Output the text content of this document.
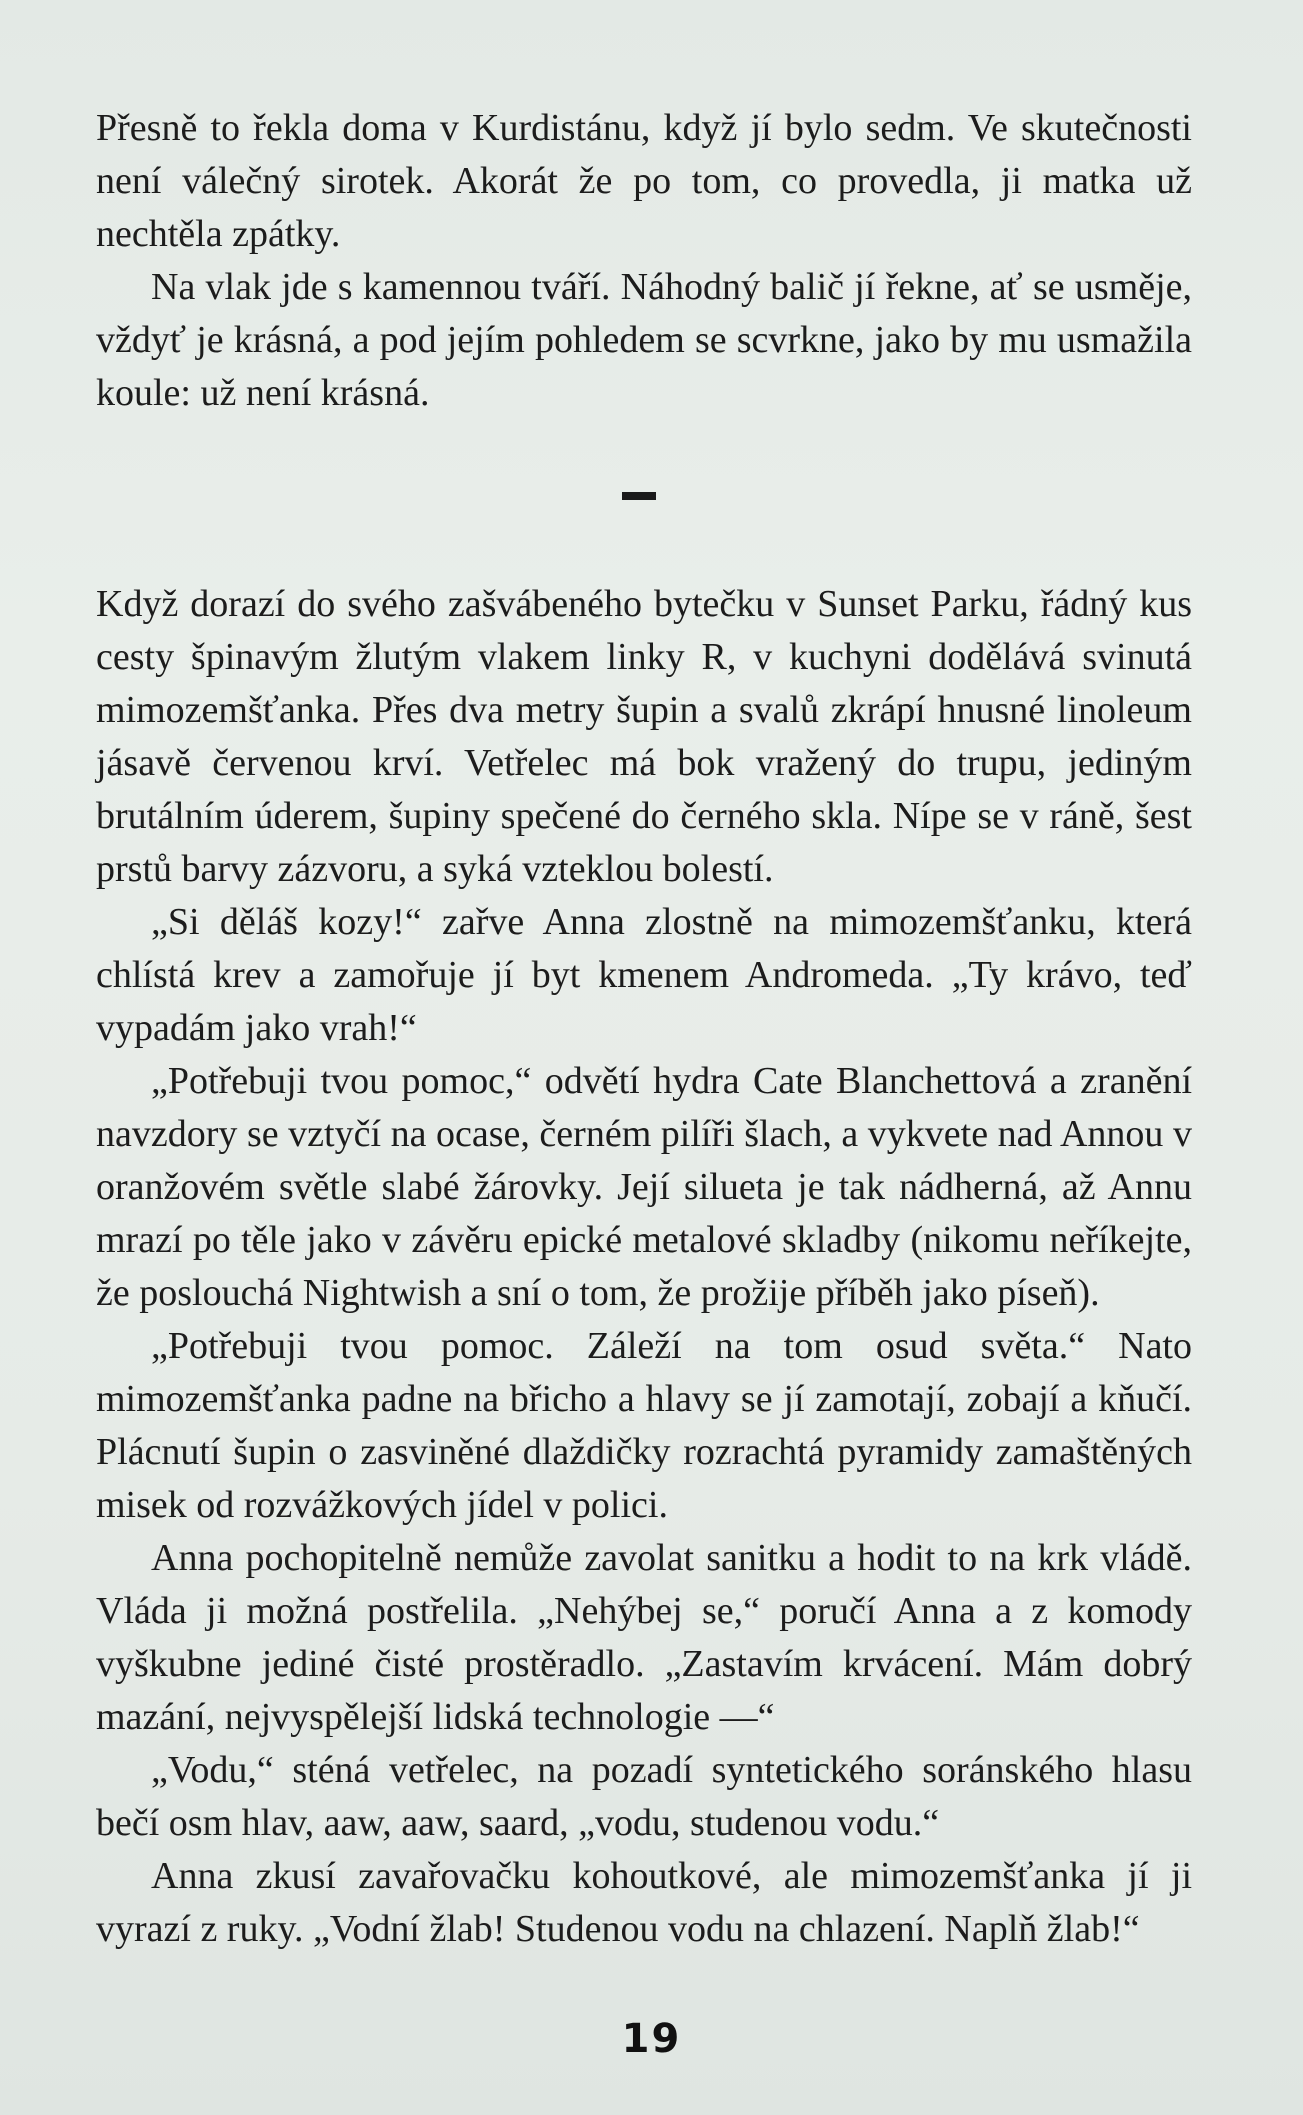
Přesně to řekla doma v Kurdistánu, když jí bylo sedm. Ve skutečnosti není válečný sirotek. Akorát že po tom, co provedla, ji matka už nechtěla zpátky.

Na vlak jde s kamennou tváří. Náhodný balič jí řekne, ať se usměje, vždyť je krásná, a pod jejím pohledem se scvrkne, jako by mu usmažila koule: už není krásná.

Když dorazí do svého zašvábeného bytečku v Sunset Parku, řádný kus cesty špinavým žlutým vlakem linky R, v kuchyni dodělává svinutá mimozemšťanka. Přes dva metry šupin a svalů zkrápí hnusné linoleum jásavě červenou krví. Vetřelec má bok vražený do trupu, jediným brutálním úderem, šupiny spečené do černého skla. Nípe se v ráně, šest prstů barvy zázvoru, a syká vzteklou bolestí.

„Si děláš kozy!“ zařve Anna zlostně na mimozemšťanku, která chlístá krev a zamořuje jí byt kmenem Andromeda. „Ty krávo, teď vypadám jako vrah!“

„Potřebuji tvou pomoc,“ odvětí hydra Cate Blanchettová a zranění navzdory se vztyčí na ocase, černém pilíři šlach, a vykvete nad Annou v oranžovém světle slabé žárovky. Její silueta je tak nádherná, až Annu mrazí po těle jako v závěru epické metalové skladby (nikomu neříkejte, že poslouchá Nightwish a sní o tom, že prožije příběh jako píseň).

„Potřebuji tvou pomoc. Záleží na tom osud světa.“ Nato mimozemšťanka padne na břicho a hlavy se jí zamotají, zobají a kňučí. Plácnutí šupin o zasviněné dlaždičky rozrachtá pyramidy zamaštěných misek od rozvážkových jídel v polici.

Anna pochopitelně nemůže zavolat sanitku a hodit to na krk vládě. Vláda ji možná postřelila. „Nehýbej se,“ poručí Anna a z komody vyškubne jediné čisté prostěradlo. „Zastavím krvácení. Mám dobrý mazání, nejvyspělejší lidská technologie —“

„Vodu,“ sténá vetřelec, na pozadí syntetického soránského hlasu bečí osm hlav, aaw, aaw, saard, „vodu, studenou vodu.“

Anna zkusí zavařovačku kohoutkové, ale mimozemšťanka jí ji vyrazí z ruky. „Vodní žlab! Studenou vodu na chlazení. Naplň žlab!“

19
